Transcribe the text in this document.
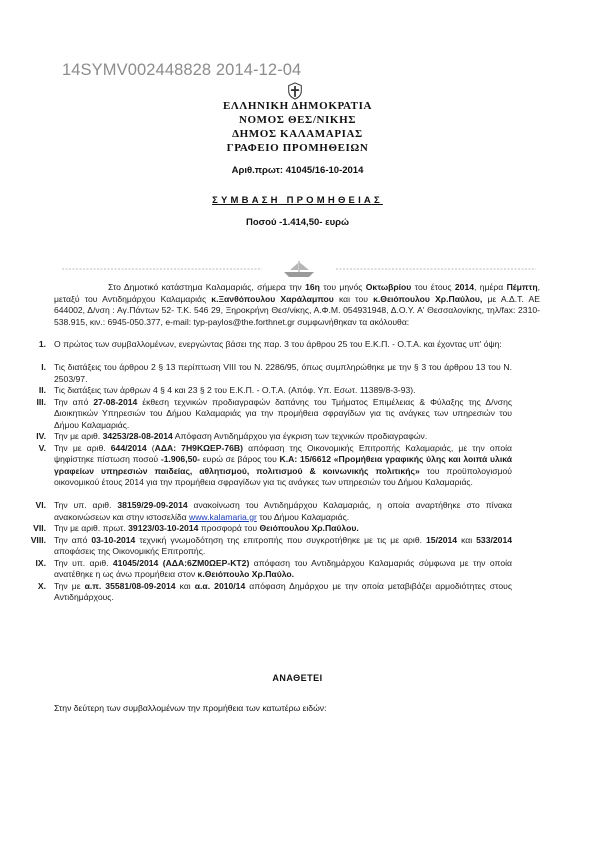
14SYMV002448828 2014-12-04
ΕΛΛΗΝΙΚΗ ΔΗΜΟΚΡΑΤΙΑ
ΝΟΜΟΣ ΘΕΣ/ΝΙΚΗΣ
ΔΗΜΟΣ ΚΑΛΑΜΑΡΙΑΣ
ΓΡΑΦΕΙΟ ΠΡΟΜΗΘΕΙΩΝ
Αριθ.πρωτ: 41045/16-10-2014
ΣΥΜΒΑΣΗ ΠΡΟΜΗΘΕΙΑΣ
Ποσού -1.414,50- ευρώ
Στο Δημοτικό κατάστημα Καλαμαριάς, σήμερα την 16η του μηνός Οκτωβρίου του έτους 2014, ημέρα Πέμπτη, μεταξύ του Αντιδημάρχου Καλαμαριάς κ.Ξανθόπουλου Χαράλαμπου και του κ.Θειόπουλου Χρ.Παύλου, με Α.Δ.Τ. ΑΕ 644002, Δ/νση : Αγ.Πάντων 52- Τ.Κ. 546 29, Ξηροκρήνη Θεσ/νίκης, Α.Φ.Μ. 054931948, Δ.Ο.Υ. Α' Θεσσαλονίκης, τηλ/fax: 2310-538.915, κιν.: 6945-050.377, e-mail: typ-paylos@the.forthnet.gr συμφωνήθηκαν τα ακόλουθα:
1. Ο πρώτος των συμβαλλομένων, ενεργώντας βάσει της παρ. 3 του άρθρου 25 του Ε.Κ.Π. - Ο.Τ.Α. και έχοντας υπ' όψη:
I. Τις διατάξεις του άρθρου 2 § 13 περίπτωση VIII του Ν. 2286/95, όπως συμπληρώθηκε με την § 3 του άρθρου 13 του Ν. 2503/97.
II. Τις διατάξεις των άρθρων 4 § 4 και 23 § 2 του Ε.Κ.Π. - Ο.Τ.Α. (Απόφ. Υπ. Εσωτ. 11389/8-3-93).
III. Την από 27-08-2014 έκθεση τεχνικών προδιαγραφών δαπάνης του Τμήματος Επιμέλειας & Φύλαξης της Δ/νσης Διοικητικών Υπηρεσιών του Δήμου Καλαμαριάς για την προμήθεια σφραγίδων για τις ανάγκες των υπηρεσιών του Δήμου Καλαμαριάς.
IV. Την με αριθ. 34253/28-08-2014 Απόφαση Αντιδημάρχου για έγκριση των τεχνικών προδιαγραφών.
V. Την με αριθ. 644/2014 (ΑΔΑ: 7Η9ΚΩΕΡ-76Β) απόφαση της Οικονομικής Επιτροπής Καλαμαριάς, με την οποία ψηφίστηκε πίστωση ποσού -1.906,50- ευρώ σε βάρος του Κ.Α: 15/6612 «Προμήθεια γραφικής ύλης και λοιπά υλικά γραφείων υπηρεσιών παιδείας, αθλητισμού, πολιτισμού & κοινωνικής πολιτικής» του προϋπολογισμού οικονομικού έτους 2014 για την προμήθεια σφραγίδων για τις ανάγκες των υπηρεσιών του Δήμου Καλαμαριάς.
VI. Την υπ. αριθ. 38159/29-09-2014 ανακοίνωση του Αντιδημάρχου Καλαμαριάς, η οποία αναρτήθηκε στο πίνακα ανακοινώσεων και στην ιστοσελίδα www.kalamaria.gr του Δήμου Καλαμαριάς.
VII. Την με αριθ. πρωτ. 39123/03-10-2014 προσφορά του Θειόπουλου Χρ.Παύλου.
VIII. Την από 03-10-2014 τεχνική γνωμοδότηση της επιτροπής που συγκροτήθηκε με τις με αριθ. 15/2014 και 533/2014 αποφάσεις της Οικονομικής Επιτροπής.
IX. Την υπ. αριθ. 41045/2014 (ΑΔΑ:6ΖΜ0ΩΕΡ-ΚΤ2) απόφαση του Αντιδημάρχου Καλαμαριάς σύμφωνα με την οποία ανατέθηκε η ως άνω προμήθεια στον κ.Θειόπουλο Χρ.Παύλο.
X. Την με α.π. 35581/08-09-2014 και α.α. 2010/14 απόφαση Δημάρχου με την οποία μεταβιβάζει αρμοδιότητες στους Αντιδημάρχους.
ΑΝΑΘΕΤΕΙ
Στην δεύτερη των συμβαλλομένων την προμήθεια των κατωτέρω ειδών:
